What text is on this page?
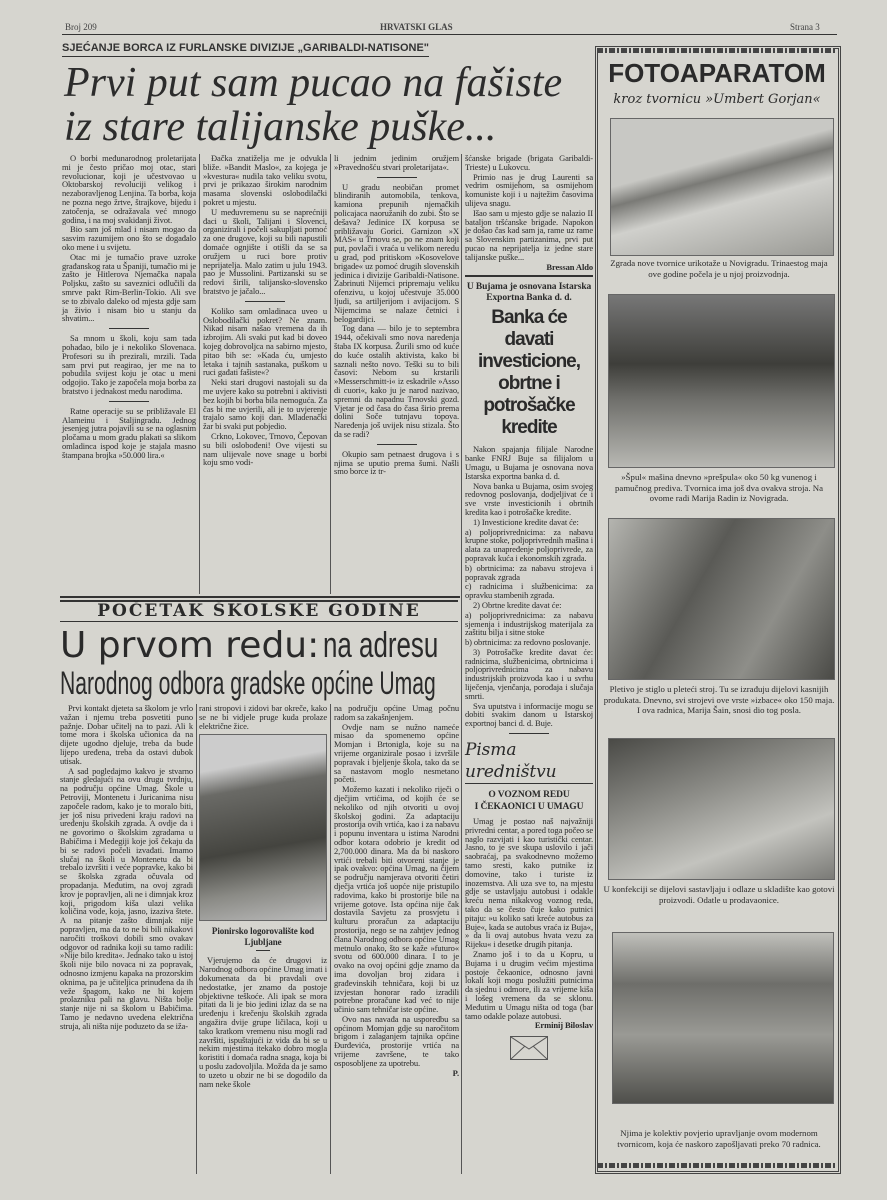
Broj 209	HRVATSKI GLAS	Strana 3
SJEĆANJE BORCA IZ FURLANSKE DIVIZIJE „GARIBALDI-NATISONE"
Prvi put sam pucao na fašiste
iz stare talijanske puške...

O borbi međunarodnog proletarijata mi je često pričao moj otac, stari revolucionar, koji je učestvovao u Oktobarskoj revoluciji velikog i nezaboravljenog Lenjina. Ta borba, koja ne pozna nego žrtve, štrajkove, bijedu i zatočenja, se odražavala već mnogo godina, i na moj svakidanji život.

Bio sam još mlad i nisam mogao da sasvim razumijem ono što se događalo oko mene i u svijetu.

Otac mi je tumačio prave uzroke građanskog rata u Španiji, tumačio mi je zašto je Hitlerova Njemačka napala Poljsku, zašto su saveznici odlučili da smrve pakt Rim-Berlin-Tokio. Ali sve se to zbivalo daleko od mjesta gdje sam ja živio i nisam bio u stanju da shvatim...

Sa mnom u školi, koju sam tada pohađao, bilo je i nekoliko Slovenaca. Profesori su ih prezirali, mrzili. Tada sam prvi put reagirao, jer me na to pobudila svijest koju je otac u meni odgojio. Tako je započela moja borba za bratstvo i jednakost među narodima.

Ratne operacije su se približavale El Alameinu i Staljingradu. Jednog jesenjeg jutra pojavili su se na oglasnim pločama u mom gradu plakati sa slikom omladinca ispod koje je stajala masno štampana brojka »50.000 lira.«

Đačka znatiželja me je odvukla bliže. »Bandit Maslo«, za kojega je »kvestura« nudila tako veliku svotu, prvi je prikazao širokim narodnim masama slovenski oslobodilački pokret u mjestu.

U međuvremenu su se naprećniji đaci u školi, Talijani i Slovenci, organizirali i počeli sakupljati pomoć za one drugove, koji su bili napustili domaće ognjište i otišli da se sa oružjem u ruci bore protiv neprijatelja. Malo zatim u julu 1943. pao je Mussolini. Partizanski su se redovi širili, talijansko-slovensko bratstvo je jačalo...

Koliko sam omladinaca uveo u Oslobodilački pokret? Ne znam. Nikad nisam našao vremena da ih izbrojim. Ali svaki put kad bi doveo kojeg dobrovoljca na sabirno mjesto, pitao bih se: »Kada ću, umjesto letaka i tajnih sastanaka, puškom u ruci gađati fašiste«?

Neki stari drugovi nastojali su da me uvjere kako su potrebni i aktivisti bez kojih bi borba bila nemoguća. Za čas bi me uvjerili, ali je to uvjerenje trajalo samo koji dan. Mladenački žar bi svaki put pobjedio.

Crkno, Lokovec, Trnovo, Čepovan su bili oslobođeni! Ove vijesti su nam ulijevale nove snage u borbi koju smo vodi-

li jednim jedinim oružjem »Pravednošću stvari proletarijata«.

U gradu neobičan promet blindiranih automobila, tenkova, kamiona prepunih njemačkih policajaca naoružanih do zubi. Što se dešava? Jedinice IX korpusa se približavaju Gorici. Garnizon »X MAS« u Trnovu se, po ne znam koji put, povlači i vraća u velikom neredu u grad, pod pritiskom »Kosovelove brigade« uz pomoć drugih slovenskih jedinica i divizije Garibaldi-Natisone. Zabrinuti Nijemci pripremaju veliku ofenzivu, u kojoj učestvuje 35.000 ljudi, sa artiljerijom i avijacijom. S Nijemcima se nalaze četnici i belogardijci.

Tog dana — bilo je to septembra 1944, očekivali smo nova naređenja štaba IX korpusa. Žurili smo od kuće do kuće ostalih aktivista, kako bi saznali nešto novo. Teški su to bili časovi: Nebom su krstarili »Messerschmitt-i« iz eskadrile »Asso di cuori«, kako ju je narod nazivao, spremni da napadnu Trnovski gozd. Vjetar je od časa do časa širio prema dolini Soče tutnjavu topova. Naređenja još uvijek nisu stizala. Što da se radi?

Okupio sam petnaest drugova i s njima se uputio prema šumi. Našli smo borce iz tr-

šćanske brigade (brigata Garibaldi-Trieste) u Lukovcu.

Primio nas je drug Laurenti sa vedrim osmijehom, sa osmijehom komuniste koji i u najtežim časovima ulijeva snagu.

Išao sam u mjesto gdje se nalazio II bataljon tršćanske brigade. Napokon je došao čas kad sam ja, rame uz rame sa Slovenskim partizanima, prvi put pucao na neprijatelja iz jedne stare talijanske puške...

Bressan Aldo

U Bujama je osnovana Istarska Exportna Banka d. d.
Banka će davati investicione, obrtne i potrošačke kredite

Nakon spajanja filijale Narodne banke FNRJ Buje sa filijalom u Umagu, u Bujama je osnovana nova Istarska exportna banka d. d.

Nova banka u Bujama, osim svojeg redovnog poslovanja, dodjeljivat će i sve vrste investicionih i obrtnih kredita kao i potrošačke kredite.

1) Investicione kredite davat će:

a) poljoprivrednicima: za nabavu krupne stoke, poljoprivrednih mašina i alata za unapređenje poljoprivrede, za popravak kuća i ekonomskih zgrada.

b) obrtnicima: za nabavu strojeva i popravak zgrada

c) radnicima i službenicima: za opravku stambenih zgrada.

2) Obrtne kredite davat će:

a) poljoprivrednicima: za nabavu sjemenja i industrijskog materijala za zaštitu bilja i sitne stoke

b) obrtnicima: za redovno poslovanje.

3) Potrošačke kredite davat će: radnicima, službenicima, obrtnicima i poljoprivrednicima za nabavu industrijskih proizvoda kao i u svrhu liječenja, vjenčanja, porođaja i slučaja smrti.

Sva uputstva i informacije mogu se dobiti svakim danom u Istarskoj exportnoj banci d. d. Buje.

Pisma uredništvu
O VOZNOM REDU
I ČEKAONICI U UMAGU

Umag je postao naš najvažniji privredni centar, a pored toga počeo se naglo razvijati i kao turistički centar. Jasno, to je sve skupa uslovilo i jači saobraćaj, pa svakodnevno možemo tamo sresti, kako putnike iz domovine, tako i turiste iz inozemstva. Ali uza sve to, na mjestu gdje se ustavljaju autobusi i odakle kreću nema nikakvog voznog reda, tako da se često čuje kako putnici pitaju: »u koliko sati kreće autobus za Buje«, kada se autobus vraća iz Buja«, » da li ovaj autobus hvata vezu za Rijeku« i desetke drugih pitanja.

Znamo još i to da u Kopru, u Bujama i u drugim većim mjestima postoje čekaonice, odnosno javni lokali koji mogu poslužiti putnicima da sjednu i odmore, ili za vrijeme kiša i lošeg vremena da se sklonu. Međutim u Umagu ništa od toga (bar tamo odakle polaze autobusi.

Erminij Biloslav

POČETAK ŠKOLSKE GODINE
U prvom redu: na adresu
Narodnog odbora gradske općine Umag

Prvi kontakt djeteta sa školom je vrlo važan i njemu treba posvetiti puno pažnje. Dobar učitelj na to pazi. Ali k tome mora i školska učionica da na dijete ugodno djeluje, treba da bude lijepo uređena, treba da ostavi dubok utisak.

A sad pogledajmo kakvo je stvarno stanje gledajući na ovu drugu tvrdnju, na području općine Umag. Škole u Petroviji, Montenetu i Juricanima nisu započele radom, kako je to moralo biti, jer još nisu privedeni kraju radovi na uređenju školskih zgrada. A ovdje da i ne govorimo o školskim zgradama u Babičima i Medegiji koje još čekaju da bi se radovi počeli izvađati. Imamo slučaj na školi u Montenetu da bi trebalo izvršiti i veće popravke, kako bi se školska zgrada očuvala od propadanja. Međutim, na ovoj zgradi krov je popravljen, ali ne i dimnjak kroz koji, prigodom kiša ulazi velika količina vode, koja, jasno, izaziva štete. A na pitanje zašto dimnjak nije popravljen, ma da to ne bi bili nikakovi naročiti troškovi dobili smo ovakav odgovor od radnika koji su tamo radili: »Nije bilo kredita«. Jednako tako u istoj školi nije bilo novaca ni za popravak, odnosno izmjenu kapaka na prozorskim oknima, pa je učiteljica prinuđena da ih veže špagom, kako ne bi kojem prolazniku pali na glavu. Ništa bolje stanje nije ni sa školom u Babičima. Tamo je nedavno uvedena električna struja, ali ništa nije poduzeto da se iža-

rani stropovi i zidovi bar okreče, kako se ne bi vidjele pruge kuda prolaze električne žice.

Pionirsko logorovalište kod Ljubljane

Vjerujemo da će drugovi iz Narodnog odbora općine Umag imati i dokumenata da bi pravdali ove nedostatke, jer znamo da postoje objektivne teškoće. Ali ipak se mora pitati da li je bio jedini izlaz da se na uređenju i krečenju školskih zgrada angažira dvije grupe ličilaca, koji u tako kratkom vremenu nisu mogli rad završiti, ispuštajući iz vida da bi se u nekim mjestima itekako dobro mogla koristiti i domaća radna snaga, koja bi u poslu zadovoljila. Možda da je samo to uzeto u obzir ne bi se dogodilo da nam neke škole

na području općine Umag počnu radom sa zakašnjenjem.

Ovdje nam se nužno nameće misao da spomenemo općine Momjan i Brtonigla, koje su na vrijeme organizirale posao i izvršile popravak i bjeljenje škola, tako da se sa nastavom moglo nesmetano početi.

Možemo kazati i nekoliko riječi o dječjim vrtićima, od kojih će se nekoliko od njih otvoriti u ovoj školskoj godini. Za adaptaciju prostorija ovih vrtića, kao i za nabavu i popunu inventara u istima Narodni odbor kotara odobrio je kredit od 2,700.000 dinara. Ma da bi naskoro vrtići trebali biti otvoreni stanje je ipak ovakvo: općina Umag, na čijem se području namjerava otvoriti četiri dječja vrtića još uopće nije pristupilo radovima, kako bi prostorije bile na vrijeme gotove. Ista općina nije čak dostavila Savjetu za prosvjetu i kulturu proračun za adaptaciju prostorija, nego se na zahtjev jednog člana Narodnog odbora općine Umag metnulo onako, što se kaže »futuro« svotu od 600.000 dinara. I to je ovako na ovoj općini gdje znamo da ima dovoljan broj zidara i građevinskih tehničara, koji bi uz izvjestan honorar rado izradili potrebne proračune kad već to nije učinio sam tehničar iste općine.

Ovo nas navađa na usporedbu sa općinom Momjan gdje su naročitom brigom i zalaganjem tajnika općine Đurđevića, prostorije vrtića na vrijeme završene, te tako osposobljene za upotrebu.

P.

FOTOAPARATOM
kroz tvornicu »Umbert Gorjan«
Zgrada nove tvornice urikotaže u Novigradu. Trinaestog maja ove godine počela je u njoj proizvodnja.
»Špul« mašina dnevno »prešpula« oko 50 kg vunenog i pamučnog prediva. Tvornica ima još dva ovakva stroja. Na ovome radi Marija Radin iz Novigrada.
Pletivo je stiglo u pleteći stroj. Tu se izrađuju dijelovi kasnijih produkata. Dnevno, svi strojevi ove vrste »izbace« oko 150 maja. I ova radnica, Marija Šain, snosi dio tog posla.
U konfekciji se dijelovi sastavljaju i odlaze u skladište kao gotovi proizvodi. Odatle u prodavaonice.
Njima je kolektiv povjerio upravljanje ovom modernom tvornicom, koja će naskoro zapošljavati preko 70 radnica.
